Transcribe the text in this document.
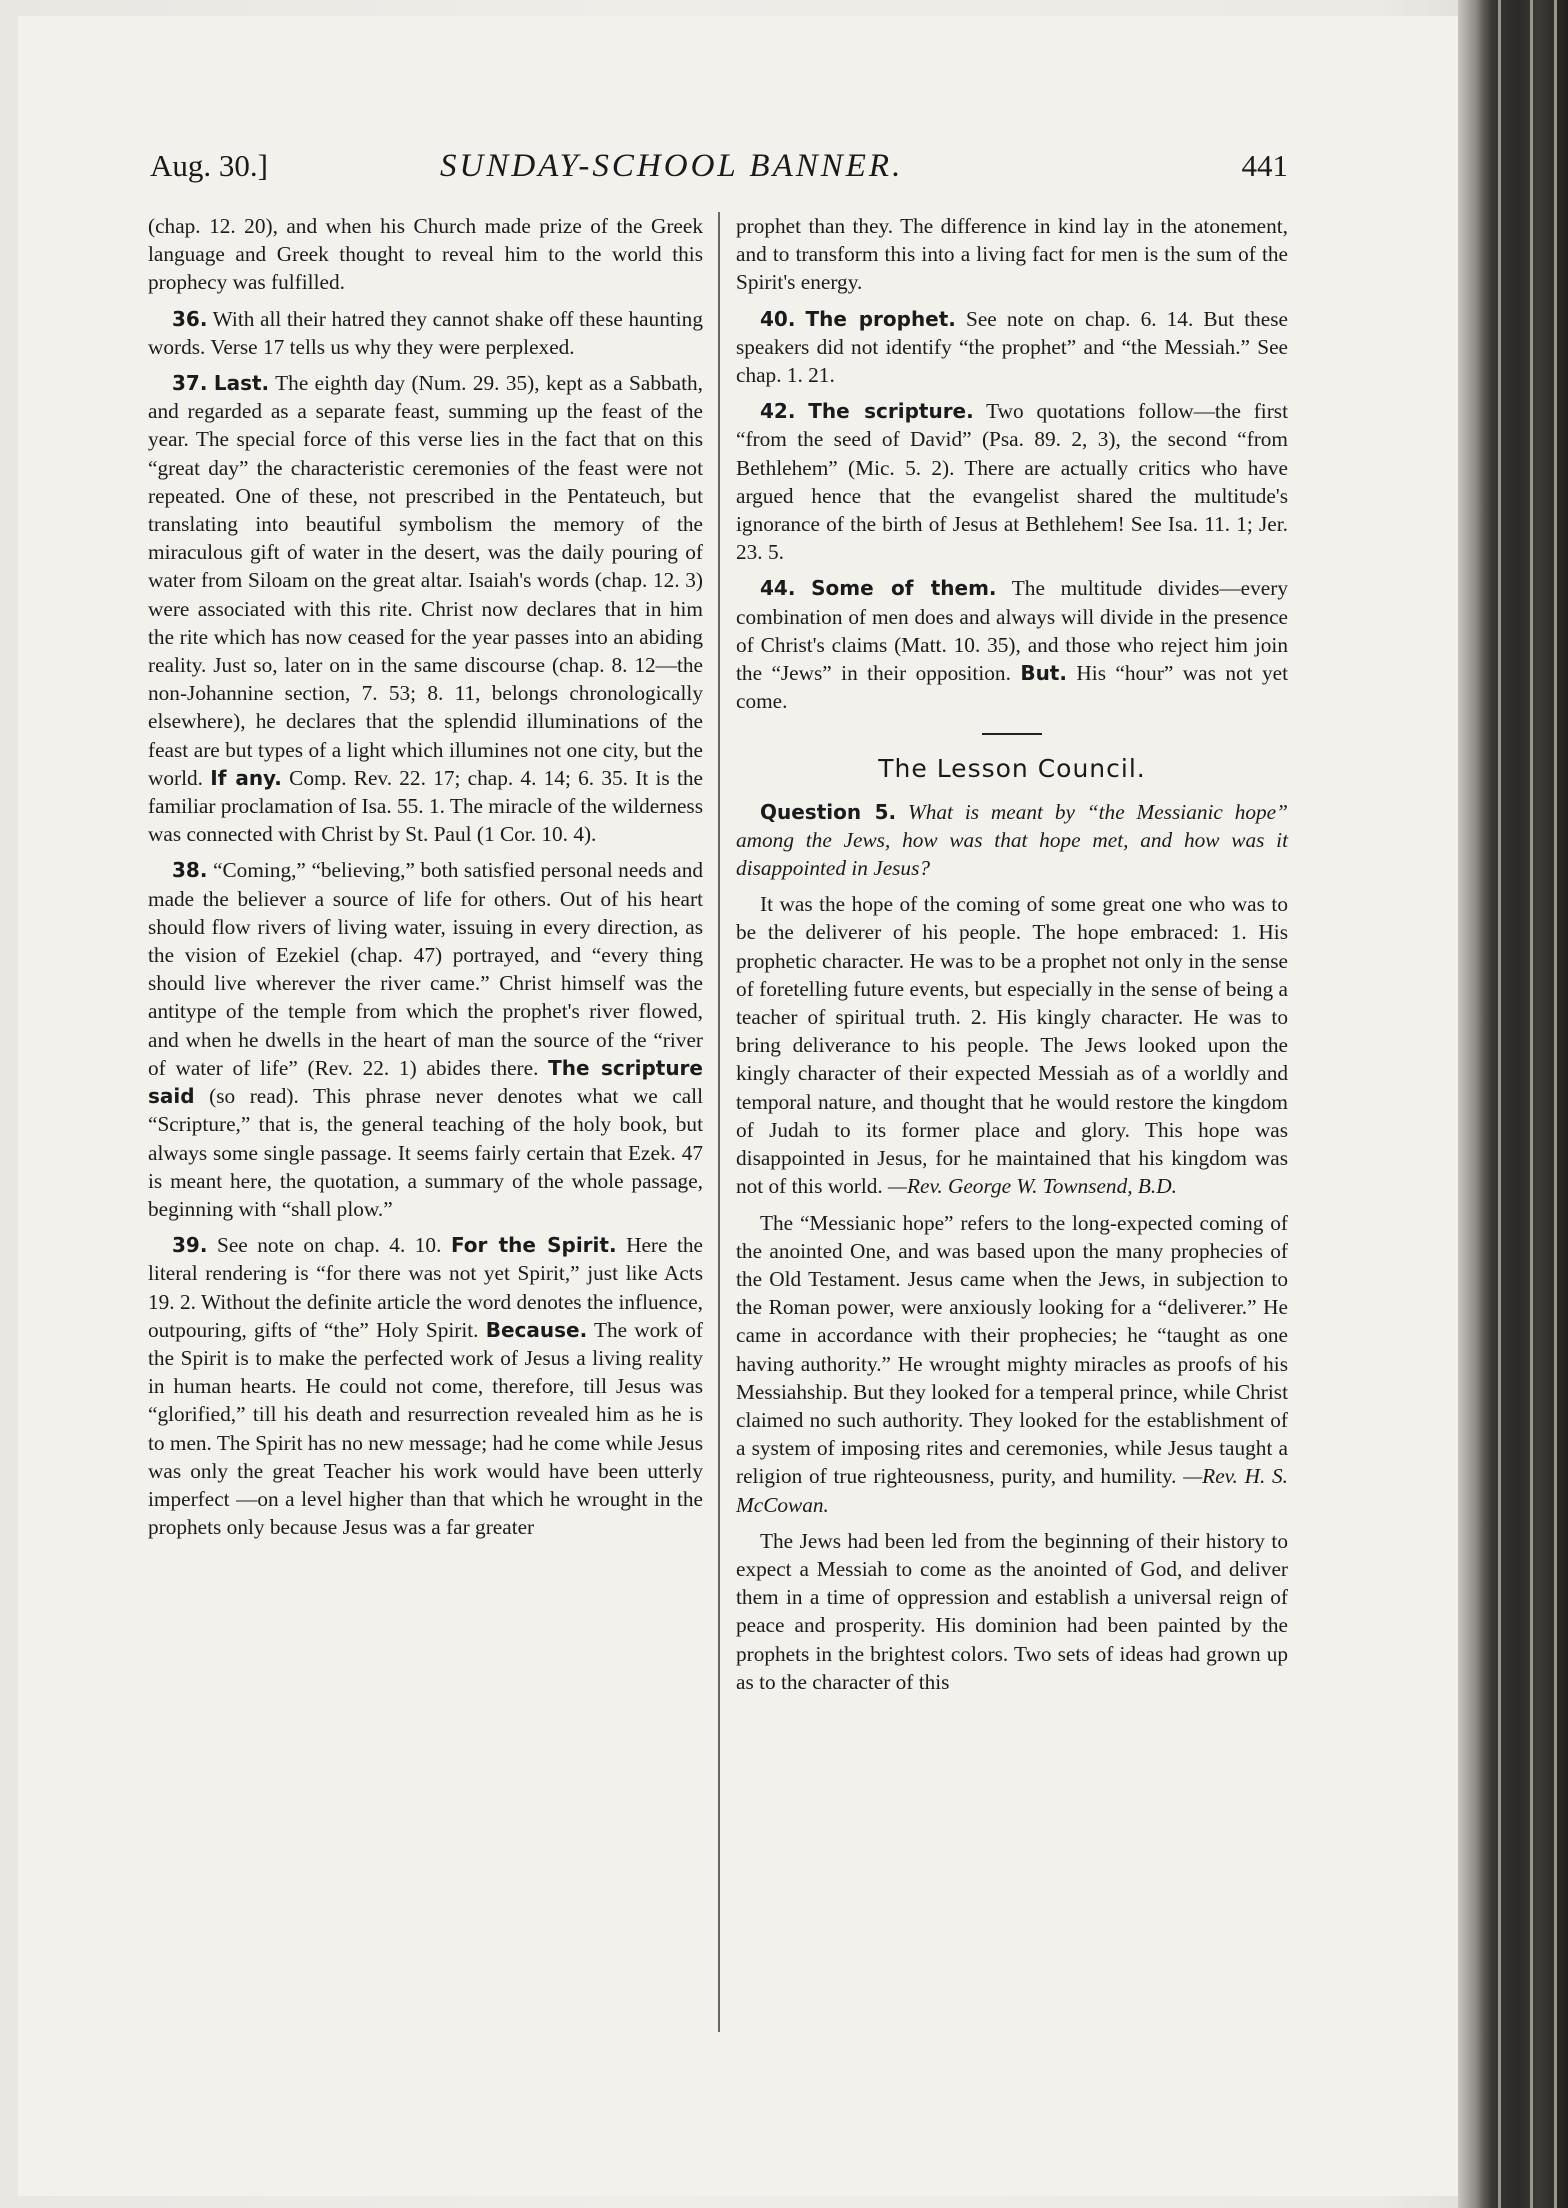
Aug. 30.]	SUNDAY-SCHOOL BANNER.	441

(chap. 12. 20), and when his Church made prize of the Greek language and Greek thought to reveal him to the world this prophecy was fulfilled.

36. With all their hatred they cannot shake off these haunting words. Verse 17 tells us why they were perplexed.

37. Last. The eighth day (Num. 29. 35), kept as a Sabbath, and regarded as a separate feast, summing up the feast of the year. The special force of this verse lies in the fact that on this “great day” the characteristic ceremonies of the feast were not repeated. One of these, not prescribed in the Pentateuch, but translating into beautiful symbolism the memory of the miraculous gift of water in the desert, was the daily pouring of water from Siloam on the great altar. Isaiah's words (chap. 12. 3) were associated with this rite. Christ now declares that in him the rite which has now ceased for the year passes into an abiding reality. Just so, later on in the same discourse (chap. 8. 12—the non-Johannine section, 7. 53; 8. 11, belongs chronologically elsewhere), he declares that the splendid illuminations of the feast are but types of a light which illumines not one city, but the world. If any. Comp. Rev. 22. 17; chap. 4. 14; 6. 35. It is the familiar proclamation of Isa. 55. 1. The miracle of the wilderness was connected with Christ by St. Paul (1 Cor. 10. 4).

38. “Coming,” “believing,” both satisfied personal needs and made the believer a source of life for others. Out of his heart should flow rivers of living water, issuing in every direction, as the vision of Ezekiel (chap. 47) portrayed, and “every thing should live wherever the river came.” Christ himself was the antitype of the temple from which the prophet's river flowed, and when he dwells in the heart of man the source of the “river of water of life” (Rev. 22. 1) abides there. The scripture said (so read). This phrase never denotes what we call “Scripture,” that is, the general teaching of the holy book, but always some single passage. It seems fairly certain that Ezek. 47 is meant here, the quotation, a summary of the whole passage, beginning with “shall plow.”

39. See note on chap. 4. 10. For the Spirit. Here the literal rendering is “for there was not yet Spirit,” just like Acts 19. 2. Without the definite article the word denotes the influence, outpouring, gifts of “the” Holy Spirit. Because. The work of the Spirit is to make the perfected work of Jesus a living reality in human hearts. He could not come, therefore, till Jesus was “glorified,” till his death and resurrection revealed him as he is to men. The Spirit has no new message; had he come while Jesus was only the great Teacher his work would have been utterly imperfect —on a level higher than that which he wrought in the prophets only because Jesus was a far greater

prophet than they. The difference in kind lay in the atonement, and to transform this into a living fact for men is the sum of the Spirit's energy.

40. The prophet. See note on chap. 6. 14. But these speakers did not identify “the prophet” and “the Messiah.” See chap. 1. 21.

42. The scripture. Two quotations follow—the first “from the seed of David” (Psa. 89. 2, 3), the second “from Bethlehem” (Mic. 5. 2). There are actually critics who have argued hence that the evangelist shared the multitude's ignorance of the birth of Jesus at Bethlehem! See Isa. 11. 1; Jer. 23. 5.

44. Some of them. The multitude divides—every combination of men does and always will divide in the presence of Christ's claims (Matt. 10. 35), and those who reject him join the “Jews” in their opposition. But. His “hour” was not yet come.

The Lesson Council.

Question 5. What is meant by “the Messianic hope” among the Jews, how was that hope met, and how was it disappointed in Jesus?

It was the hope of the coming of some great one who was to be the deliverer of his people. The hope embraced: 1. His prophetic character. He was to be a prophet not only in the sense of foretelling future events, but especially in the sense of being a teacher of spiritual truth. 2. His kingly character. He was to bring deliverance to his people. The Jews looked upon the kingly character of their expected Messiah as of a worldly and temporal nature, and thought that he would restore the kingdom of Judah to its former place and glory. This hope was disappointed in Jesus, for he maintained that his kingdom was not of this world. —Rev. George W. Townsend, B.D.

The “Messianic hope” refers to the long-expected coming of the anointed One, and was based upon the many prophecies of the Old Testament. Jesus came when the Jews, in subjection to the Roman power, were anxiously looking for a “deliverer.” He came in accordance with their prophecies; he “taught as one having authority.” He wrought mighty miracles as proofs of his Messiahship. But they looked for a temperal prince, while Christ claimed no such authority. They looked for the establishment of a system of imposing rites and ceremonies, while Jesus taught a religion of true righteousness, purity, and humility. —Rev. H. S. McCowan.

The Jews had been led from the beginning of their history to expect a Messiah to come as the anointed of God, and deliver them in a time of oppression and establish a universal reign of peace and prosperity. His dominion had been painted by the prophets in the brightest colors. Two sets of ideas had grown up as to the character of this
